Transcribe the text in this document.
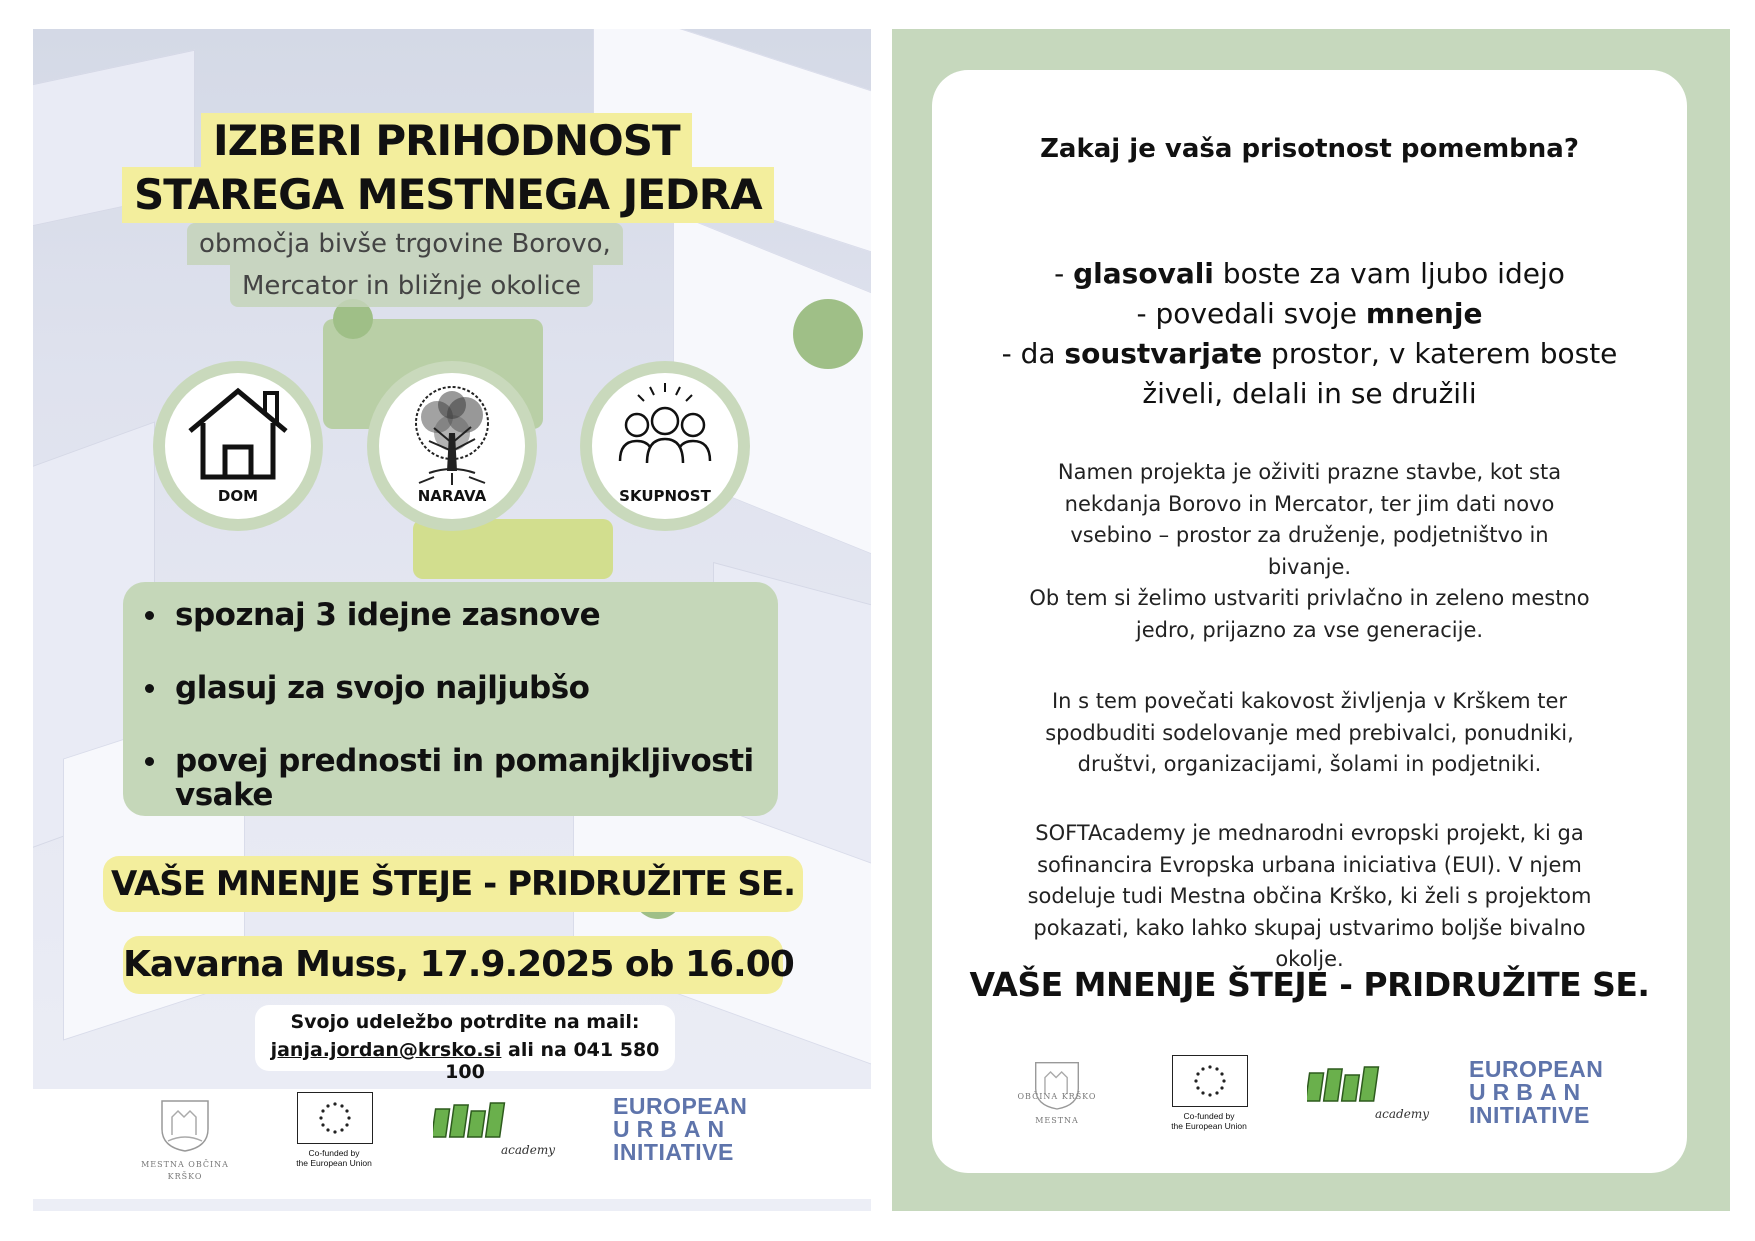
IZBERI PRIHODNOST
STAREGA MESTNEGA JEDRA
območja bivše trgovine Borovo,
Mercator in bližnje okolice
DOM	NARAVA	SKUPNOST
spoznaj 3 idejne zasnove
glasuj za svojo najljubšo
povej prednosti in pomanjkljivosti
vsake
VAŠE MNENJE ŠTEJE - PRIDRUŽITE SE.
Kavarna Muss, 17.9.2025 ob 16.00
Svojo udeležbo potrdite na mail:
janja.jordan@krsko.si ali na 041 580 100
MESTNA OBČINA KRŠKO
Co-funded by
the European Union
academy
EUROPEAN
URBAN
INITIATIVE
Zakaj je vaša prisotnost pomembna?
- glasovali boste za vam ljubo idejo
- povedali svoje mnenje
- da soustvarjate prostor, v katerem boste
živeli, delali in se družili
Namen projekta je oživiti prazne stavbe, kot sta
nekdanja Borovo in Mercator, ter jim dati novo
vsebino – prostor za druženje, podjetništvo in
bivanje.
Ob tem si želimo ustvariti privlačno in zeleno mestno
jedro, prijazno za vse generacije.
In s tem povečati kakovost življenja v Krškem ter
spodbuditi sodelovanje med prebivalci, ponudniki,
društvi, organizacijami, šolami in podjetniki.
SOFTAcademy je mednarodni evropski projekt, ki ga
sofinancira Evropska urbana iniciativa (EUI). V njem
sodeluje tudi Mestna občina Krško, ki želi s projektom
pokazati, kako lahko skupaj ustvarimo boljše bivalno
okolje.
VAŠE MNENJE ŠTEJE - PRIDRUŽITE SE.
OBČINA KRŠKO
MESTNA	Co-funded by
the European Union
academy
EUROPEAN
URBAN
INITIATIVE
